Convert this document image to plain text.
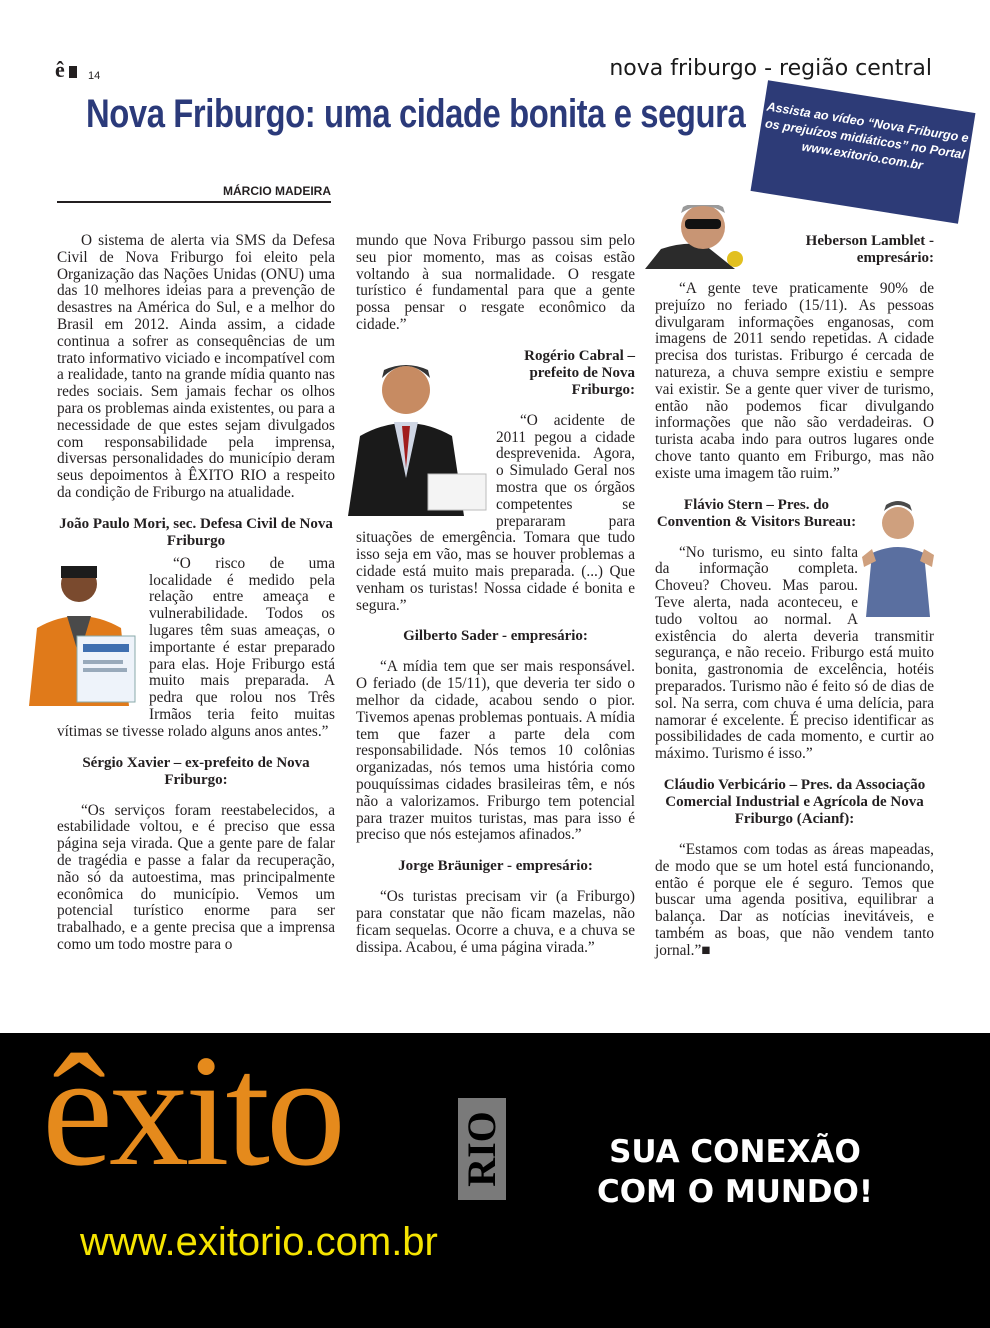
ê 14	nova friburgo - região central
Nova Friburgo: uma cidade bonita e segura	Assista ao vídeo “Nova Friburgo e os prejuízos midiáticos” no Portal www.exitorio.com.br
MÁRCIO MADEIRA

O sistema de alerta via SMS da Defesa Civil de Nova Friburgo foi eleito pela Organização das Nações Unidas (ONU) uma das 10 melhores ideias para a prevenção de desastres na América do Sul, e a melhor do Brasil em 2012. Ainda assim, a cidade continua a sofrer as consequências de um trato informativo viciado e incompatível com a realidade, tanto na grande mídia quanto nas redes sociais. Sem jamais fechar os olhos para os problemas ainda existentes, ou para a necessidade de que estes sejam divulgados com responsabilidade pela imprensa, diversas personalidades do município deram seus depoimentos à ÊXITO RIO a respeito da condição de Friburgo na atualidade.

João Paulo Mori, sec. Defesa Civil de Nova Friburgo

“O risco de uma localidade é medido pela relação entre ameaça e vulnerabilidade. Todos os lugares têm suas ameaças, o importante é estar preparado para elas. Hoje Friburgo está muito mais preparada. A pedra que rolou nos Três Irmãos teria feito muitas vítimas se tivesse rolado alguns anos antes.”

Sérgio Xavier – ex-prefeito de Nova Friburgo:

“Os serviços foram reestabelecidos, a estabilidade voltou, e é preciso que essa página seja virada. Que a gente pare de falar de tragédia e passe a falar da recuperação, não só da autoestima, mas principalmente econômica do município. Vemos um potencial turístico enorme para ser trabalhado, e a gente precisa que a imprensa como um todo mostre para o

mundo que Nova Friburgo passou sim pelo seu pior momento, mas as coisas estão voltando à sua normalidade. O resgate turístico é fundamental para que a gente possa pensar o resgate econômico da cidade.”

Rogério Cabral – prefeito de Nova Friburgo:

“O acidente de 2011 pegou a cidade desprevenida. Agora, o Simulado Geral nos mostra que os órgãos competentes se prepararam para situações de emergência. Tomara que tudo isso seja em vão, mas se houver problemas a cidade está muito mais preparada. (...) Que venham os turistas! Nossa cidade é bonita e segura.”

Gilberto Sader - empresário:

“A mídia tem que ser mais responsável. O feriado (de 15/11), que deveria ter sido o melhor da cidade, acabou sendo o pior. Tivemos apenas problemas pontuais. A mídia tem que fazer a parte dela com responsabilidade. Nós temos 10 colônias organizadas, nós temos uma história como pouquíssimas cidades brasileiras têm, e nós não a valorizamos. Friburgo tem potencial para trazer muitos turistas, mas para isso é preciso que nós estejamos afinados.”

Jorge Bräuniger - empresário:

“Os turistas precisam vir (a Friburgo) para constatar que não ficam mazelas, não ficam sequelas. Ocorre a chuva, e a chuva se dissipa. Acabou, é uma página virada.”

Heberson Lamblet - empresário:

“A gente teve praticamente 90% de prejuízo no feriado (15/11). As pessoas divulgaram informações enganosas, com imagens de 2011 sendo repetidas. A cidade precisa dos turistas. Friburgo é cercada de natureza, a chuva sempre existiu e sempre vai existir. Se a gente quer viver de turismo, então não podemos ficar divulgando informações que não são verdadeiras. O turista acaba indo para outros lugares onde chove tanto quanto em Friburgo, mas não existe uma imagem tão ruim.”

Flávio Stern – Pres. do Convention & Visitors Bureau:

“No turismo, eu sinto falta da informação completa. Choveu? Choveu. Mas parou. Teve alerta, nada aconteceu, e tudo voltou ao normal. A existência do alerta deveria transmitir segurança, e não receio. Friburgo está muito bonita, gastronomia de excelência, hotéis preparados. Turismo não é feito só de dias de sol. Na serra, com chuva é uma delícia, para namorar é excelente. É preciso identificar as possibilidades de cada momento, e curtir ao máximo. Turismo é isso.”

Cláudio Verbicário – Pres. da Associação Comercial Industrial e Agrícola de Nova Friburgo (Acianf):

“Estamos com todas as áreas mapeadas, de modo que se um hotel está funcionando, então é porque ele é seguro. Temos que buscar uma agenda positiva, equilibrar a balança. Dar as notícias inevitáveis, e também as boas, que não vendem tanto jornal.”■

êxito	RIO
www.exitorio.com.br
SUA CONEXÃO
COM O MUNDO!
